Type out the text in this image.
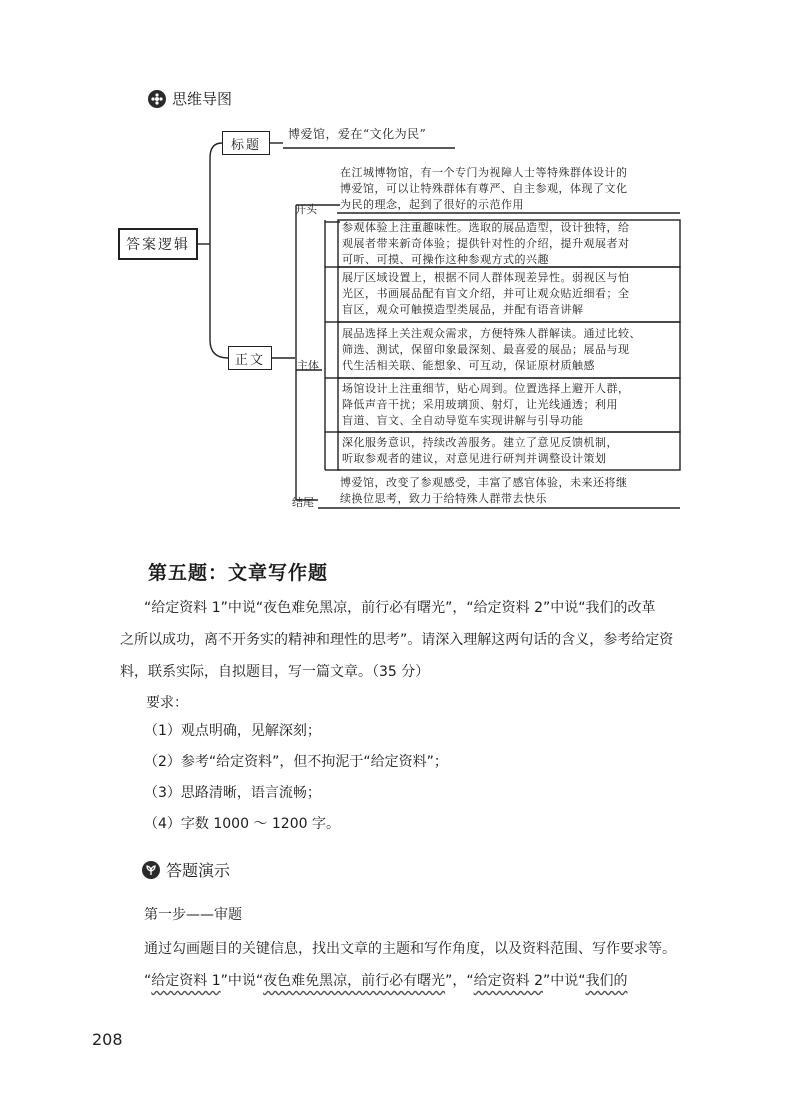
思维导图
答案逻辑
标题
博爱馆，爱在“文化为民”
正文
开头
主体
结尾
在江城博物馆，有一个专门为视障人士等特殊群体设计的
博爱馆，可以让特殊群体有尊严、自主参观，体现了文化
为民的理念，起到了很好的示范作用
参观体验上注重趣味性。选取的展品造型，设计独特，给
观展者带来新奇体验；提供针对性的介绍，提升观展者对
可听、可摸、可操作这种参观方式的兴趣
展厅区域设置上，根据不同人群体现差异性。弱视区与怕
光区，书画展品配有盲文介绍，并可让观众贴近细看；全
盲区，观众可触摸造型类展品，并配有语音讲解
展品选择上关注观众需求，方便特殊人群解读。通过比较、
筛选、测试，保留印象最深刻、最喜爱的展品；展品与现
代生活相关联、能想象、可互动，保证原材质触感
场馆设计上注重细节，贴心周到。位置选择上避开人群，
降低声音干扰；采用玻璃顶、射灯，让光线通透；利用
盲道、盲文、全自动导览车实现讲解与引导功能
深化服务意识，持续改善服务。建立了意见反馈机制，
听取参观者的建议，对意见进行研判并调整设计策划
博爱馆，改变了参观感受，丰富了感官体验，未来还将继
续换位思考，致力于给特殊人群带去快乐
第五题：文章写作题
“给定资料 1”中说“夜色难免黑凉，前行必有曙光”，“给定资料 2”中说“我们的改革
之所以成功，离不开务实的精神和理性的思考”。请深入理解这两句话的含义，参考给定资
料，联系实际，自拟题目，写一篇文章。（35 分）
要求：
（1）观点明确，见解深刻；
（2）参考“给定资料”，但不拘泥于“给定资料”；
（3）思路清晰，语言流畅；
（4）字数 1000 ～ 1200 字。
答题演示
第一步——审题
通过勾画题目的关键信息，找出文章的主题和写作角度，以及资料范围、写作要求等。
“给定资料 1”中说“夜色难免黑凉，前行必有曙光”，“给定资料 2”中说“我们的
208
